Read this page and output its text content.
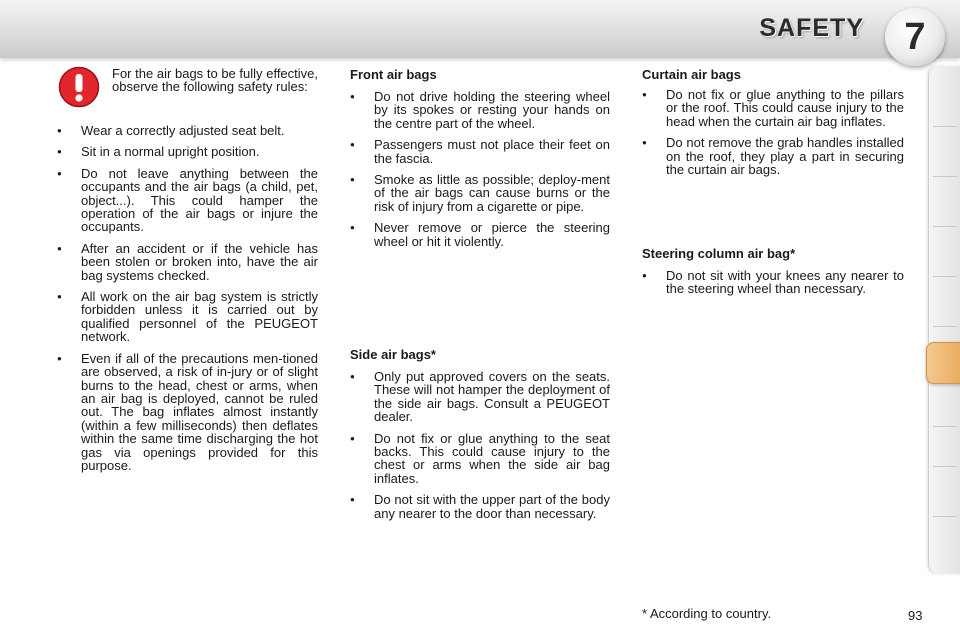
SAFETY	7
For the air bags to be fully effective, observe the following safety rules:
● Wear a correctly adjusted seat belt.
● Sit in a normal upright position.
● Do not leave anything between the occupants and the air bags (a child, pet, object...). This could hamper the operation of the air bags or injure the occupants.
● After an accident or if the vehicle has been stolen or broken into, have the air bag systems checked.
● All work on the air bag system is strictly forbidden unless it is carried out by qualified personnel of the PEUGEOT network.
● Even if all of the precautions men-tioned are observed, a risk of in-jury or of slight burns to the head, chest or arms, when an air bag is deployed, cannot be ruled out. The bag inflates almost instantly (within a few milliseconds) then deflates within the same time discharging the hot gas via openings provided for this purpose.
Front air bags
● Do not drive holding the steering wheel by its spokes or resting your hands on the centre part of the wheel.
● Passengers must not place their feet on the fascia.
● Smoke as little as possible; deploy-ment of the air bags can cause burns or the risk of injury from a cigarette or pipe.
● Never remove or pierce the steering wheel or hit it violently.
Side air bags*
● Only put approved covers on the seats. These will not hamper the deployment of the side air bags. Consult a PEUGEOT dealer.
● Do not fix or glue anything to the seat backs. This could cause injury to the chest or arms when the side air bag inflates.
● Do not sit with the upper part of the body any nearer to the door than necessary.
Curtain air bags
● Do not fix or glue anything to the pillars or the roof. This could cause injury to the head when the curtain air bag inflates.
● Do not remove the grab handles installed on the roof, they play a part in securing the curtain air bags.
Steering column air bag*
● Do not sit with your knees any nearer to the steering wheel than necessary.
* According to country.	93
